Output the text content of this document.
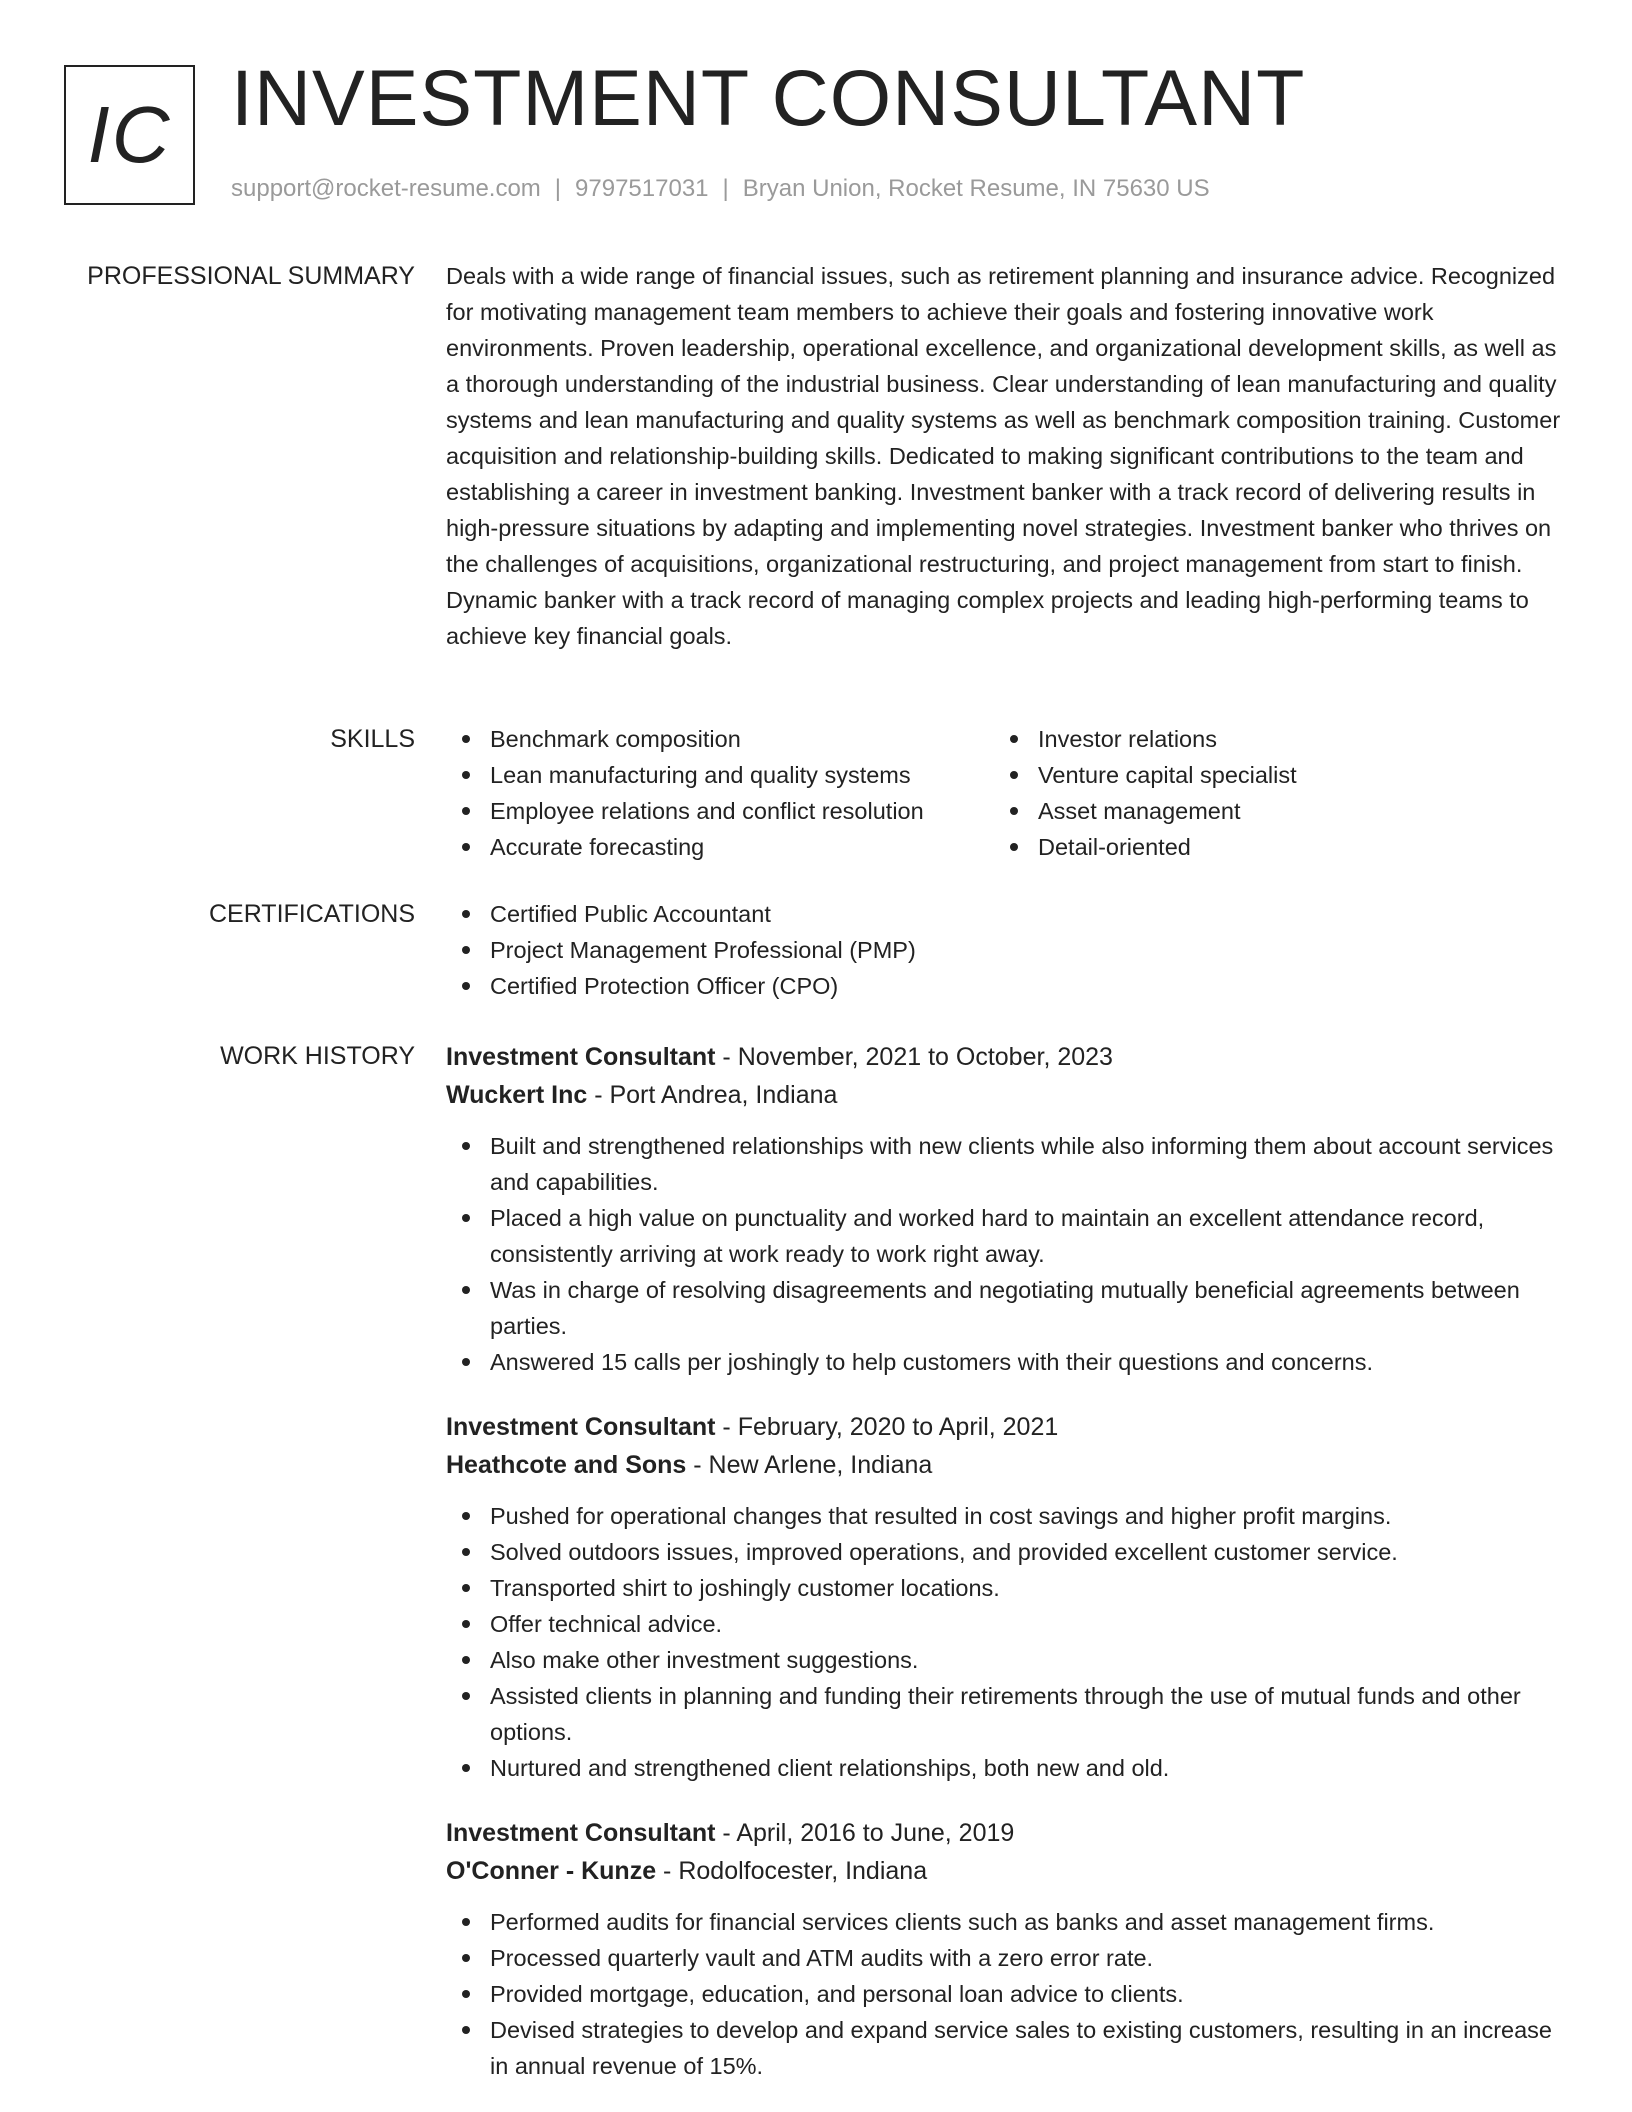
IC INVESTMENT CONSULTANT
support@rocket-resume.com | 9797517031 | Bryan Union, Rocket Resume, IN 75630 US
PROFESSIONAL SUMMARY Deals with a wide range of financial issues, such as retirement planning and insurance advice. Recognized for motivating management team members to achieve their goals and fostering innovative work environments. Proven leadership, operational excellence, and organizational development skills, as well as a thorough understanding of the industrial business. Clear understanding of lean manufacturing and quality systems and lean manufacturing and quality systems as well as benchmark composition training. Customer acquisition and relationship-building skills. Dedicated to making significant contributions to the team and establishing a career in investment banking. Investment banker with a track record of delivering results in high-pressure situations by adapting and implementing novel strategies. Investment banker who thrives on the challenges of acquisitions, organizational restructuring, and project management from start to finish. Dynamic banker with a track record of managing complex projects and leading high-performing teams to achieve key financial goals.

SKILLS	Benchmark composition
Lean manufacturing and quality systems
Employee relations and conflict resolution
Accurate forecasting
Investor relations
Venture capital specialist
Asset management
Detail-oriented
CERTIFICATIONS	Certified Public Accountant
Project Management Professional (PMP)
Certified Protection Officer (CPO)
WORK HISTORY Investment Consultant - November, 2021 to October, 2023
Wuckert Inc - Port Andrea, Indiana
Built and strengthened relationships with new clients while also informing them about account services and capabilities.
Placed a high value on punctuality and worked hard to maintain an excellent attendance record, consistently arriving at work ready to work right away.
Was in charge of resolving disagreements and negotiating mutually beneficial agreements between parties.
Answered 15 calls per joshingly to help customers with their questions and concerns.
Investment Consultant - February, 2020 to April, 2021
Heathcote and Sons - New Arlene, Indiana
Pushed for operational changes that resulted in cost savings and higher profit margins.
Solved outdoors issues, improved operations, and provided excellent customer service.
Transported shirt to joshingly customer locations.
Offer technical advice.
Also make other investment suggestions.
Assisted clients in planning and funding their retirements through the use of mutual funds and other options.
Nurtured and strengthened client relationships, both new and old.
Investment Consultant - April, 2016 to June, 2019
O'Conner - Kunze - Rodolfocester, Indiana
Performed audits for financial services clients such as banks and asset management firms.
Processed quarterly vault and ATM audits with a zero error rate.
Provided mortgage, education, and personal loan advice to clients.
Devised strategies to develop and expand service sales to existing customers, resulting in an increase in annual revenue of 15%.
